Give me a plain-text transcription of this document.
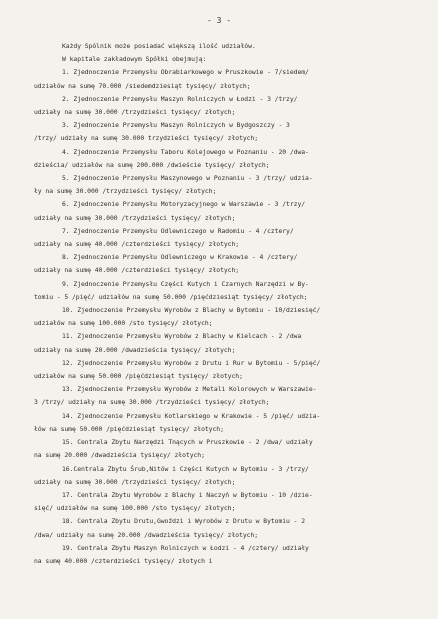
- 3 -
Każdy Spólnik może posiadać większą ilość udziałów.
W kapitale zakładowym Spółki obejmują:
1. Zjednoczenie Przemysłu Obrabiarkowego w Pruszkowie - 7/siedem/
udziałów na sumę 70.000 /siedemdziesiąt tysięcy/ złotych;
2. Zjednoczenie Przemysłu Maszyn Rolniczych w Łodzi - 3 /trzy/
udziały na sumę 30.000 /trzydzieści tysięcy/ złotych;
3. Zjednoczenie Przemysłu Maszyn Rolniczych w Bydgoszczy - 3
/trzy/ udziały na sumę 30.000 trzydzieści tysięcy/ złotych;
4. Zjednoczenie Przemysłu Taboru Kolejowego w Poznaniu - 20 /dwa-
dzieścia/ udziałów na sumę 200.000 /dwieście tysięcy/ złotych;
5. Zjednoczenie Przemysłu Maszynowego w Poznaniu - 3 /trzy/ udzia-
ły na sumę 30.000 /trzydzieści tysięcy/ złotych;
6. Zjednoczenie Przemysłu Motoryzacyjnego w Warszawie - 3 /trzy/
udziały na sumę 30.000 /trzydzieści tysięcy/ złotych;
7. Zjednoczenie Przemysłu Odlewniczego w Radomiu - 4 /cztery/
udziały na sumę 40.000 /czterdzieści tysięcy/ złotych;
8. Zjednoczenie Przemysłu Odlewniczego w Krakowie - 4 /cztery/
udziały na sumę 40.000 /czterdzieści tysięcy/ złotych;
9. Zjednoczenie Przemysłu Części Kutych i Czarnych Narzędzi w By-
tomiu - 5 /pięć/ udziałów na sumę 50.000 /pięćdziesiąt tysięcy/ złotych;
10. Zjednoczenie Przemysłu Wyrobów z Blachy w Bytomiu - 10/dziesięć/
udziałów na sumę 100.000 /sto tysięcy/ złotych;
11. Zjednoczenie Przemysłu Wyrobów z Blachy w Kielcach - 2 /dwa
udziały na sumę 20.000 /dwadzieścia tysięcy/ złotych;
12. Zjednoczenie Przemysłu Wyrobów z Drutu i Rur w Bytomiu - 5/pięć/
udziałów na sumę 50.000 /pięćdziesiąt tysięcy/ złotych;
13. Zjednoczenie Przemysłu Wyrobów z Metali Kolorowych w Warszawie-
3 /trzy/ udziały na sumę 30.000 /trzydzieści tysięcy/ złotych;
14. Zjednoczenie Przemysłu Kotlarskiego w Krakowie - 5 /pięć/ udzia-
łów na sumę 50.000 /pięćdziesiąt tysięcy/ złotych;
15. Centrala Zbytu Narzędzi Tnących w Pruszkowie - 2 /dwa/ udziały
na sumę 20.000 /dwadzieścia tysięcy/ złotych;
16.Centrala Zbytu Śrub,Nitów i Części Kutych w Bytomiu - 3 /trzy/
udziały na sumę 30.000 /trzydzieści tysięcy/ złotych;
17. Centrala Zbytu Wyrobów z Blachy i Naczyń w Bytomiu - 10 /dzie-
sięć/ udziałów na sumę 100.000 /sto tysięcy/ złotych;
18. Centrala Zbytu Drutu,Gwoździ i Wyrobów z Drutu w Bytomiu - 2
/dwa/ udziały na sumę 20.000 /dwadzieścia tysięcy/ złotych;
19. Centrala Zbytu Maszyn Rolniczych w Łodzi - 4 /cztery/ udziały
na sumę 40.000 /czterdzieści tysięcy/ złotych i
